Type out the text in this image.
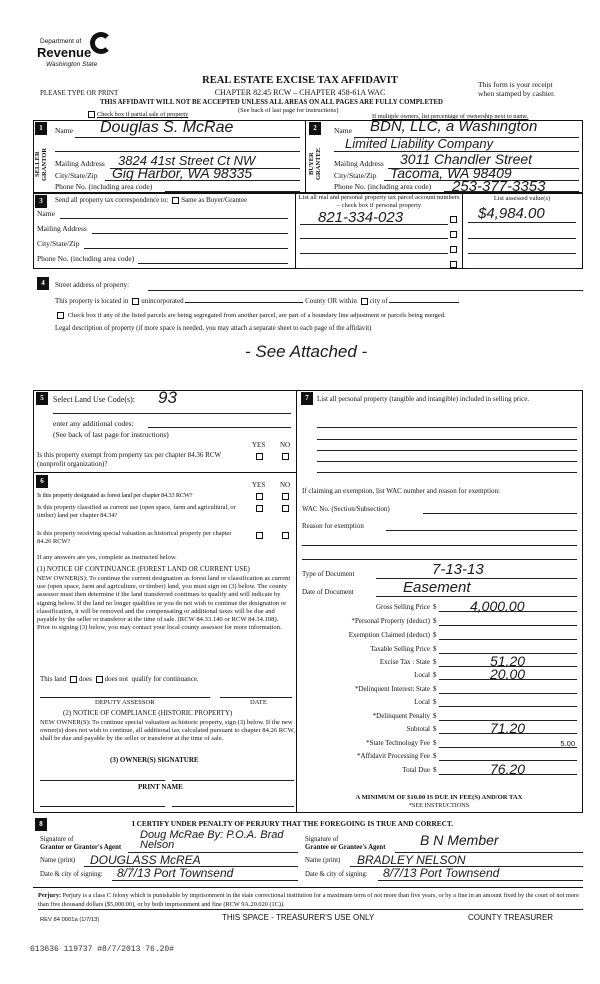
Department of
Revenue
Washington State
REAL ESTATE EXCISE TAX AFFIDAVIT
CHAPTER 82.45 RCW – CHAPTER 458-61A WAC
PLEASE TYPE OR PRINT
This form is your receipt
when stamped by cashier.
THIS AFFIDAVIT WILL NOT BE ACCEPTED UNLESS ALL AREAS ON ALL PAGES ARE FULLY COMPLETED
(See back of last page for instructions)
Check box if partial sale of property	If multiple owners, list percentage of ownership next to name.
1
SELLER GRANTOR
Name Douglas S. McRae
Mailing Address 3824 41st Street Ct NW
City/State/Zip Gig Harbor, WA 98335
Phone No. (including area code)
2
BUYER GRANTEE
Name BDN, LLC, a Washington
Limited Liability Company
Mailing Address 3011 Chandler Street
City/State/Zip Tacoma, WA 98409
Phone No. (including area code) 253-377-3353
3	Send all property tax correspondence to: Same as Buyer/Grantee
Name
Mailing Address
City/State/Zip
Phone No. (including area code)
List all real and personal property tax parcel account numbers – check box if personal property
821-334-023
List assessed value(s)
$4,984.00
4	Street address of property:
This property is located in unincorporated	County OR within city of
Check box if any of the listed parcels are being segregated from another parcel, are part of a boundary line adjustment or parcels being merged.
Legal description of property (if more space is needed, you may attach a separate sheet to each page of the affidavit)
- See Attached -
5	Select Land Use Code(s): 93
enter any additional codes:
(See back of last page for instructions)
YES NO
Is this property exempt from property tax per chapter 84.36 RCW (nonprofit organization)?
6	YES NO
Is this property designated as forest land per chapter 84.33 RCW?
Is this property classified as current use (open space, farm and agricultural, or timber) land per chapter 84.34?
Is this property receiving special valuation as historical property per chapter 84.26 RCW?
If any answers are yes, complete as instructed below.
(1) NOTICE OF CONTINUANCE (FOREST LAND OR CURRENT USE)
NEW OWNER(S): To continue the current designation as forest land or classification as current use (open space, farm and agriculture, or timber) land, you must sign on (3) below. The county assessor must then determine if the land transferred continues to qualify and will indicate by signing below. If the land no longer qualifies or you do not wish to continue the designation or classification, it will be removed and the compensating or additional taxes will be due and payable by the seller or transferor at the time of sale. (RCW 84.33.140 or RCW 84.34.108). Prior to signing (3) below, you may contact your local county assessor for more information.
This land does does not qualify for continuance.
DEPUTY ASSESSOR	DATE
(2) NOTICE OF COMPLIANCE (HISTORIC PROPERTY)
NEW OWNER(S): To continue special valuation as historic property, sign (3) below. If the new owner(s) does not wish to continue, all additional tax calculated pursuant to chapter 84.26 RCW, shall be due and payable by the seller or transferor at the time of sale.
(3) OWNER(S) SIGNATURE
PRINT NAME
7	List all personal property (tangible and intangible) included in selling price.
If claiming an exemption, list WAC number and reason for exemption:
WAC No. (Section/Subsection)
Reason for exemption
Type of Document	7-13-13
Date of Document	Easement
Gross Selling Price $ 4,000.00
*Personal Property (deduct) $
Exemption Claimed (deduct) $
Taxable Selling Price $
Excise Tax : State $	51.20
Local $	20.00
*Delinquent Interest: State $
Local $
*Delinquent Penalty $
Subtotal $	71.20
*State Technology Fee $	5.00
*Affidavit Processing Fee $
Total Due $	76.20
A MINIMUM OF $10.00 IS DUE IN FEE(S) AND/OR TAX
*SEE INSTRUCTIONS
8	I CERTIFY UNDER PENALTY OF PERJURY THAT THE FOREGOING IS TRUE AND CORRECT.
Signature of
Grantor or Grantor's Agent
Doug McRae By: P.O.A. Brad Nelson
Name (print) DOUGLASS McREA
Date & city of signing: 8/7/13 Port Townsend
Signature of
Grantee or Grantee's Agent B N Member
Name (print) BRADLEY NELSON
Date & city of signing: 8/7/13 Port Townsend
Perjury: Perjury is a class C felony which is punishable by imprisonment in the state correctional institution for a maximum term of not more than five years, or by a fine in an amount fixed by the court of not more than five thousand dollars ($5,000.00), or by both imprisonment and fine (RCW 9A.20.020 (1C)).
REV 84 0001a (1/7/13)	THIS SPACE - TREASURER'S USE ONLY	COUNTY TREASURER
613636 119737 #8/7/2013 76.20#
